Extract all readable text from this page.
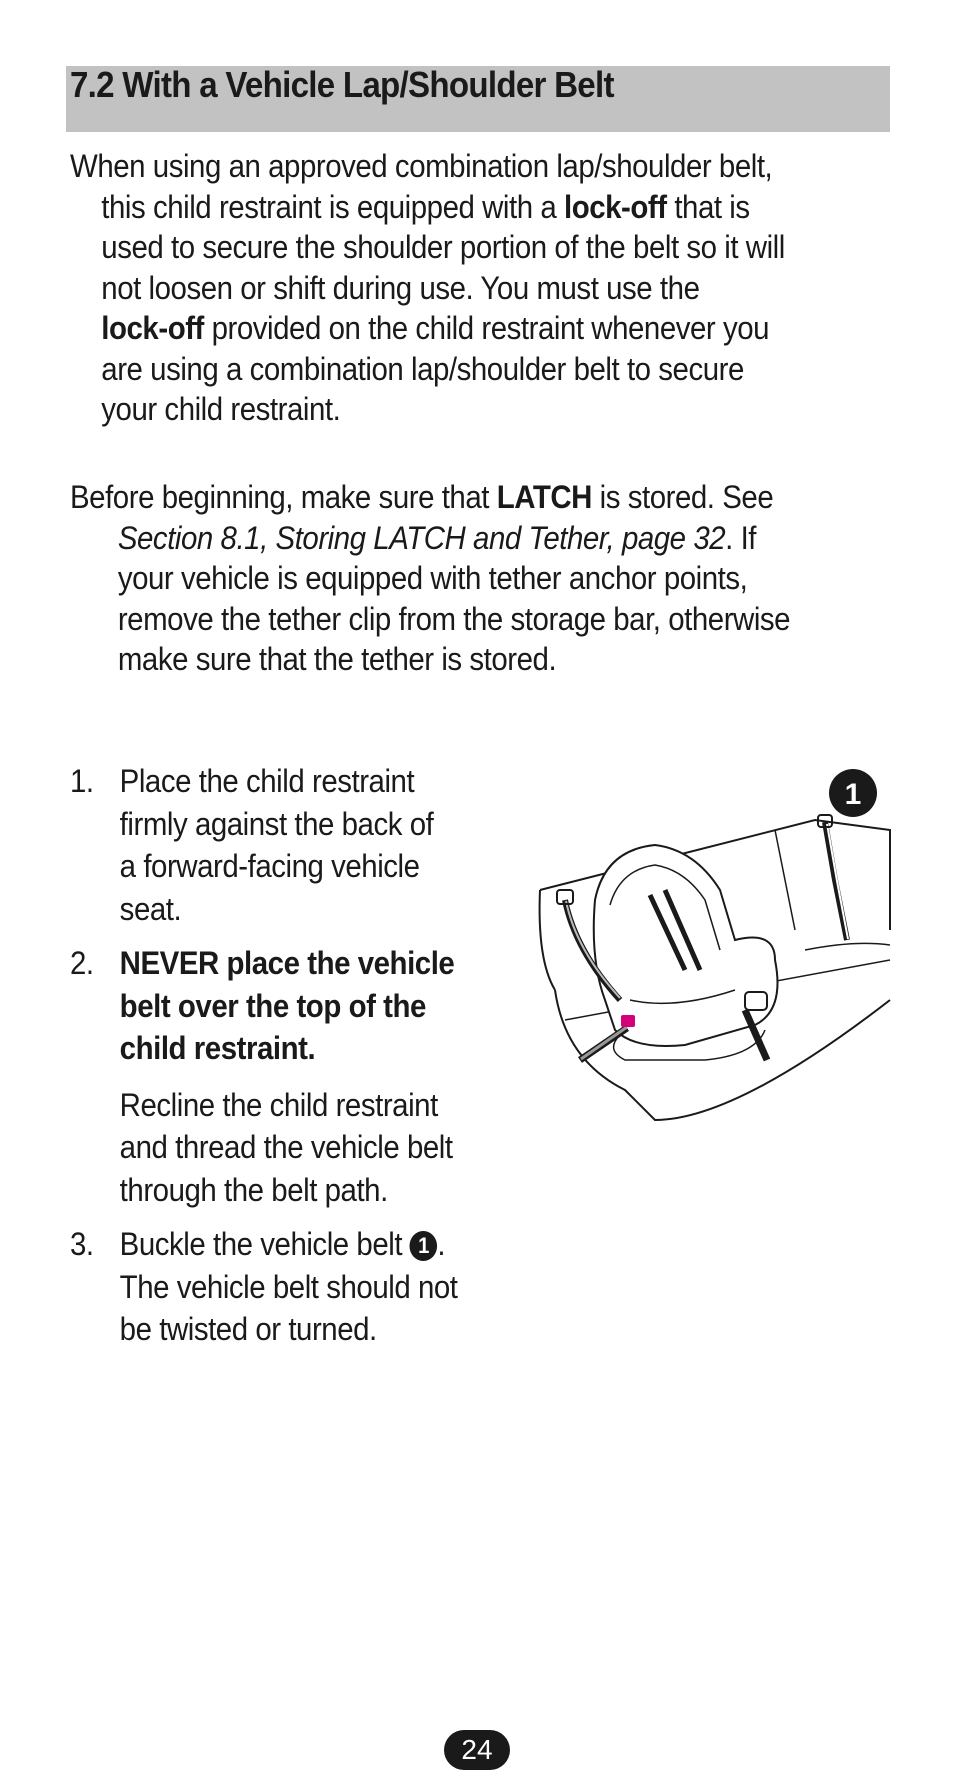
7.2 With a Vehicle Lap/Shoulder Belt
When using an approved combination lap/shoulder belt,
this child restraint is equipped with a lock-off that is
used to secure the shoulder portion of the belt so it will
not loosen or shift during use. You must use the
lock-off provided on the child restraint whenever you
are using a combination lap/shoulder belt to secure
your child restraint.
Before beginning, make sure that LATCH is stored. See
Section 8.1, Storing LATCH and Tether, page 32. If
your vehicle is equipped with tether anchor points,
remove the tether clip from the storage bar, otherwise
make sure that the tether is stored.
1. Place the child restraint
firmly against the back of
a forward-facing vehicle
seat.
2. NEVER place the vehicle
belt over the top of the
child restraint.
Recline the child restraint
and thread the vehicle belt
through the belt path.
3. Buckle the vehicle belt 1 .
The vehicle belt should not
be twisted or turned.
1
24
